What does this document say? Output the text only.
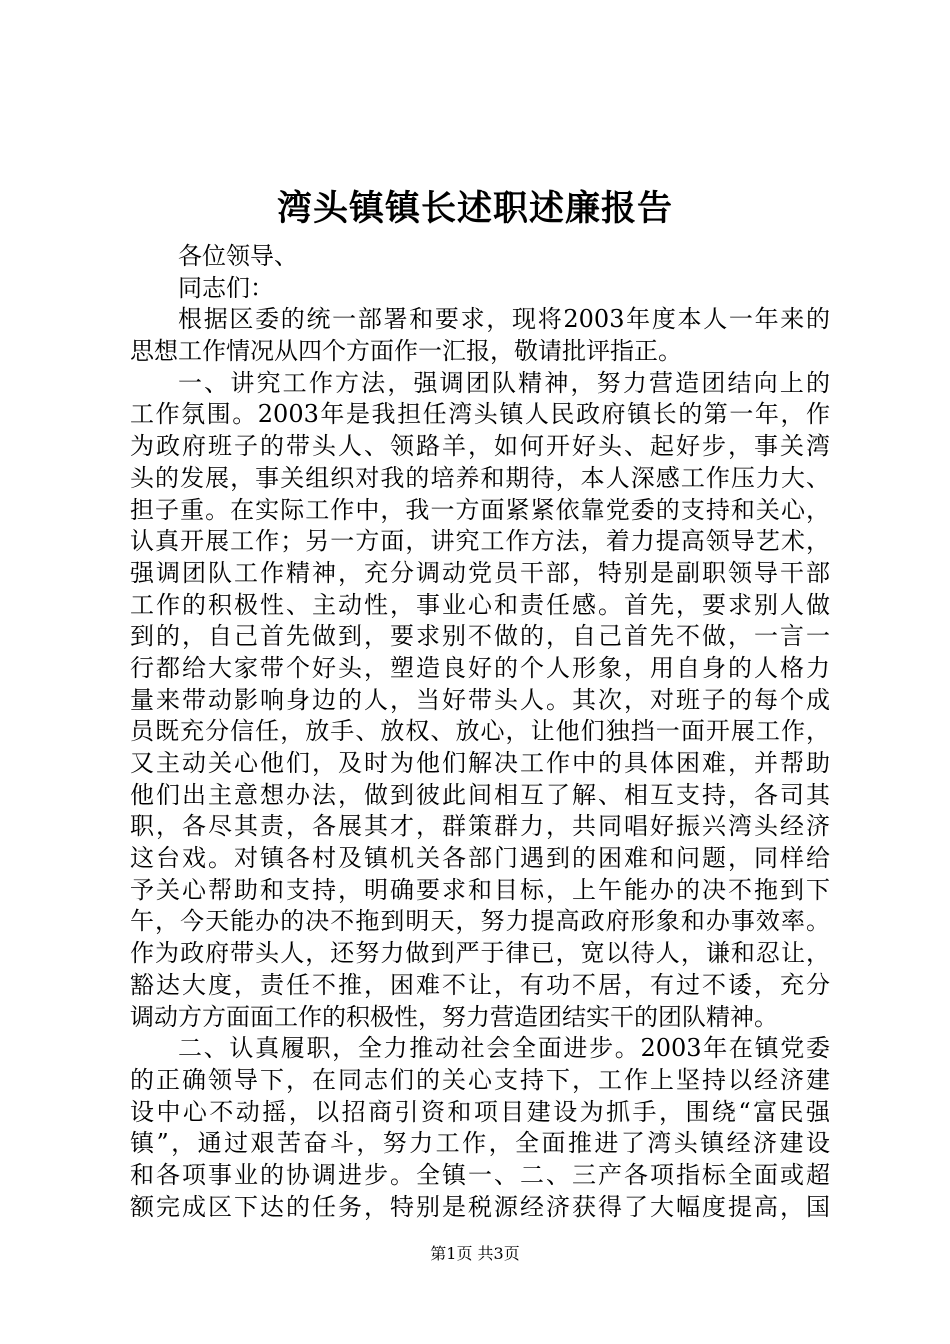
湾头镇镇长述职述廉报告
各位领导、
同志们：
根据区委的统一部署和要求，现将2003年度本人一年来的
思想工作情况从四个方面作一汇报，敬请批评指正。
一、讲究工作方法，强调团队精神，努力营造团结向上的
工作氛围。2003年是我担任湾头镇人民政府镇长的第一年，作
为政府班子的带头人、领路羊，如何开好头、起好步，事关湾
头的发展，事关组织对我的培养和期待，本人深感工作压力大、
担子重。在实际工作中，我一方面紧紧依靠党委的支持和关心，
认真开展工作；另一方面，讲究工作方法，着力提高领导艺术，
强调团队工作精神，充分调动党员干部，特别是副职领导干部
工作的积极性、主动性，事业心和责任感。首先，要求别人做
到的，自己首先做到，要求别不做的，自己首先不做，一言一
行都给大家带个好头，塑造良好的个人形象，用自身的人格力
量来带动影响身边的人，当好带头人。其次，对班子的每个成
员既充分信任，放手、放权、放心，让他们独挡一面开展工作，
又主动关心他们，及时为他们解决工作中的具体困难，并帮助
他们出主意想办法，做到彼此间相互了解、相互支持，各司其
职，各尽其责，各展其才，群策群力，共同唱好振兴湾头经济
这台戏。对镇各村及镇机关各部门遇到的困难和问题，同样给
予关心帮助和支持，明确要求和目标，上午能办的决不拖到下
午，今天能办的决不拖到明天，努力提高政府形象和办事效率。
作为政府带头人，还努力做到严于律已，宽以待人，谦和忍让，
豁达大度，责任不推，困难不让，有功不居，有过不诿，充分
调动方方面面工作的积极性，努力营造团结实干的团队精神。
二、认真履职，全力推动社会全面进步。2003年在镇党委
的正确领导下，在同志们的关心支持下，工作上坚持以经济建
设中心不动摇，以招商引资和项目建设为抓手，围绕“富民强
镇”，通过艰苦奋斗，努力工作，全面推进了湾头镇经济建设
和各项事业的协调进步。全镇一、二、三产各项指标全面或超
额完成区下达的任务，特别是税源经济获得了大幅度提高，国
第1页 共3页
